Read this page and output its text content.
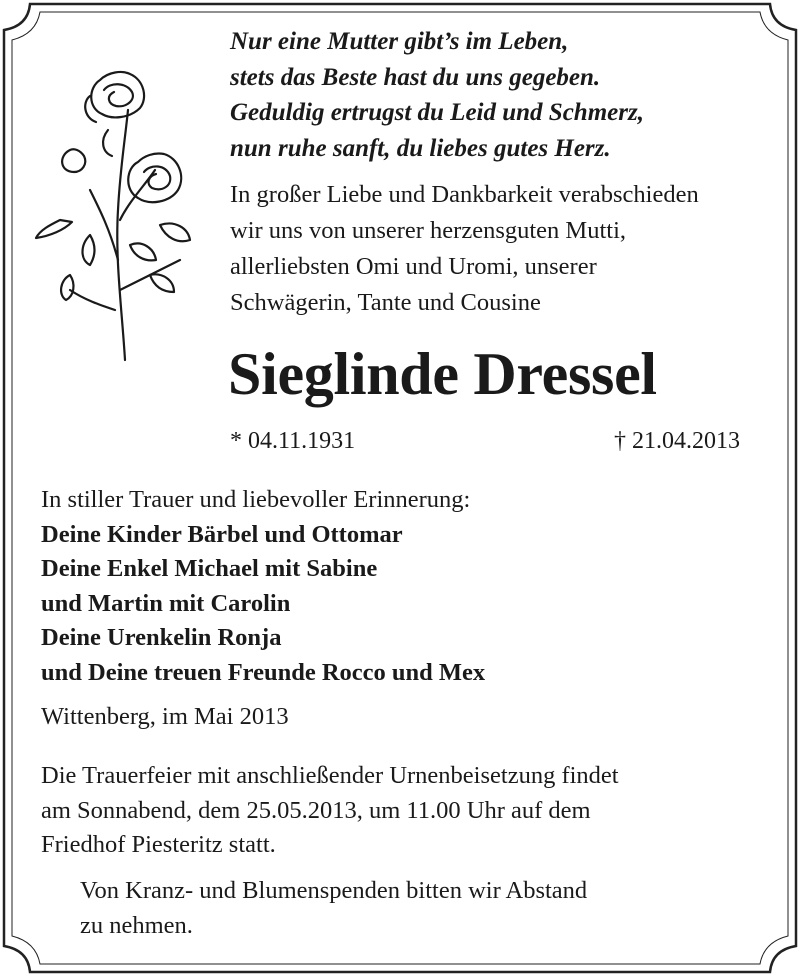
Nur eine Mutter gibt’s im Leben,
stets das Beste hast du uns gegeben.
Geduldig ertrugst du Leid und Schmerz,
nun ruhe sanft, du liebes gutes Herz.
In großer Liebe und Dankbarkeit verabschieden
wir uns von unserer herzensguten Mutti,
allerliebsten Omi und Uromi, unserer
Schwägerin, Tante und Cousine
Sieglinde Dressel
* 04.11.1931	† 21.04.2013
In stiller Trauer und liebevoller Erinnerung:
Deine Kinder Bärbel und Ottomar
Deine Enkel Michael mit Sabine
und Martin mit Carolin
Deine Urenkelin Ronja
und Deine treuen Freunde Rocco und Mex
Wittenberg, im Mai 2013
Die Trauerfeier mit anschließender Urnenbeisetzung findet
am Sonnabend, dem 25.05.2013, um 11.00 Uhr auf dem
Friedhof Piesteritz statt.
Von Kranz- und Blumenspenden bitten wir Abstand
zu nehmen.
